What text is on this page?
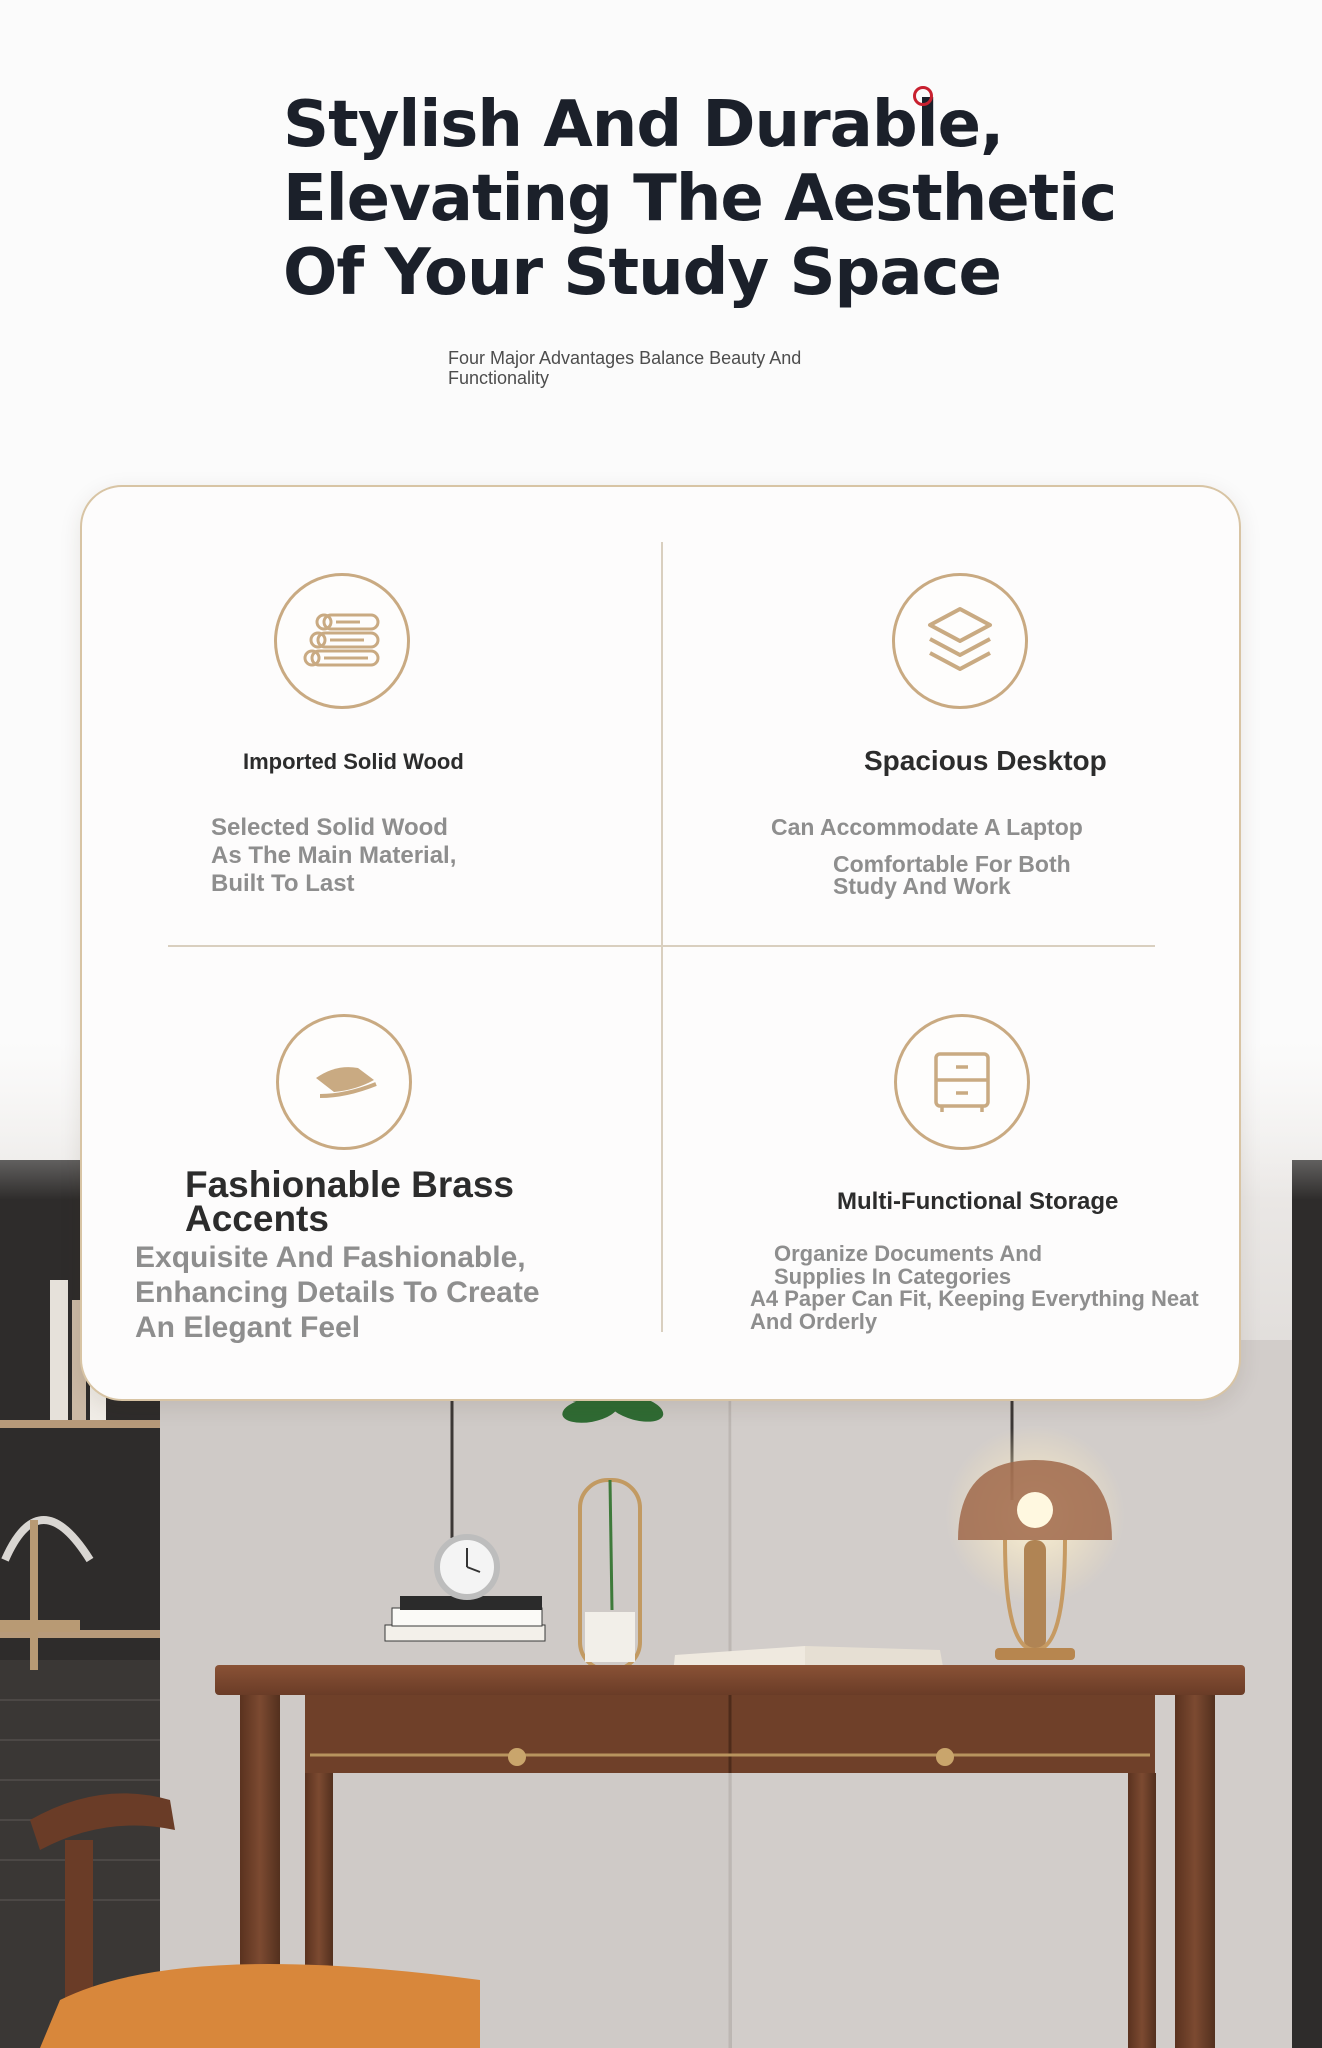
Stylish And Durable,
Elevating The Aesthetic
Of Your Study Space

Four Major Advantages Balance Beauty And Functionality

Imported Solid Wood

Selected Solid Wood
As The Main Material,
Built To Last

Spacious Desktop

Can Accommodate A Laptop
Comfortable For Both
Study And Work

Fashionable Brass Accents

Exquisite And Fashionable,
Enhancing Details To Create
An Elegant Feel

Multi-Functional Storage

Organize Documents And
Supplies In Categories
A4 Paper Can Fit, Keeping Everything Neat
And Orderly
